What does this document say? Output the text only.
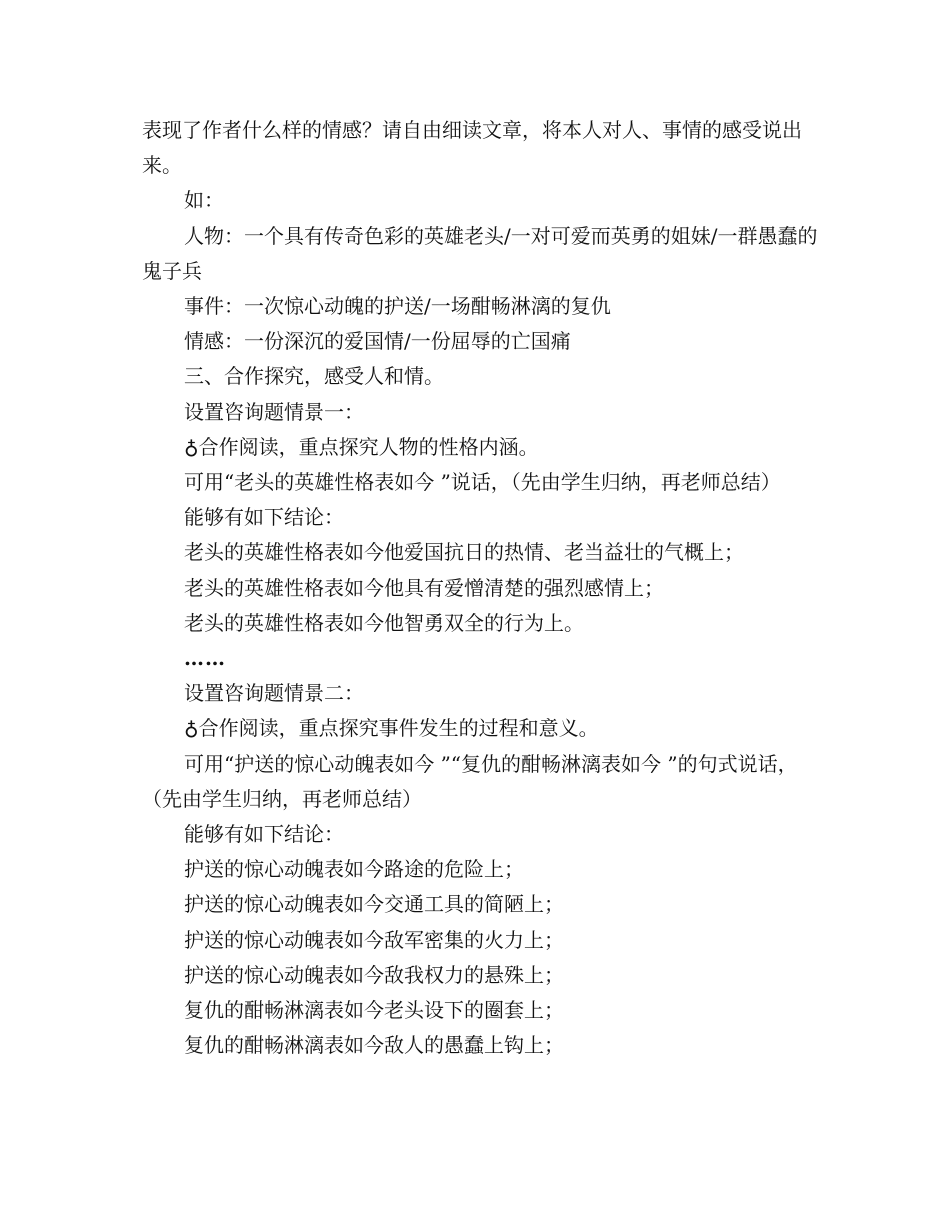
表现了作者什么样的情感？请自由细读文章，将本人对人、事情的感受说出来。

如：

人物：一个具有传奇色彩的英雄老头/一对可爱而英勇的姐妹/一群愚蠢的鬼子兵

事件：一次惊心动魄的护送/一场酣畅淋漓的复仇

情感：一份深沉的爱国情/一份屈辱的亡国痛

三、合作探究，感受人和情。

设置咨询题情景一：

♁合作阅读，重点探究人物的性格内涵。

可用“老头的英雄性格表如今 ”说话，（先由学生归纳，再老师总结）

能够有如下结论：

老头的英雄性格表如今他爱国抗日的热情、老当益壮的气概上；

老头的英雄性格表如今他具有爱憎清楚的强烈感情上；

老头的英雄性格表如今他智勇双全的行为上。

……

设置咨询题情景二：

♁合作阅读，重点探究事件发生的过程和意义。

可用“护送的惊心动魄表如今 ”“复仇的酣畅淋漓表如今 ”的句式说话，（先由学生归纳，再老师总结）

能够有如下结论：

护送的惊心动魄表如今路途的危险上；

护送的惊心动魄表如今交通工具的简陋上；

护送的惊心动魄表如今敌军密集的火力上；

护送的惊心动魄表如今敌我权力的悬殊上；

复仇的酣畅淋漓表如今老头设下的圈套上；

复仇的酣畅淋漓表如今敌人的愚蠢上钩上；
